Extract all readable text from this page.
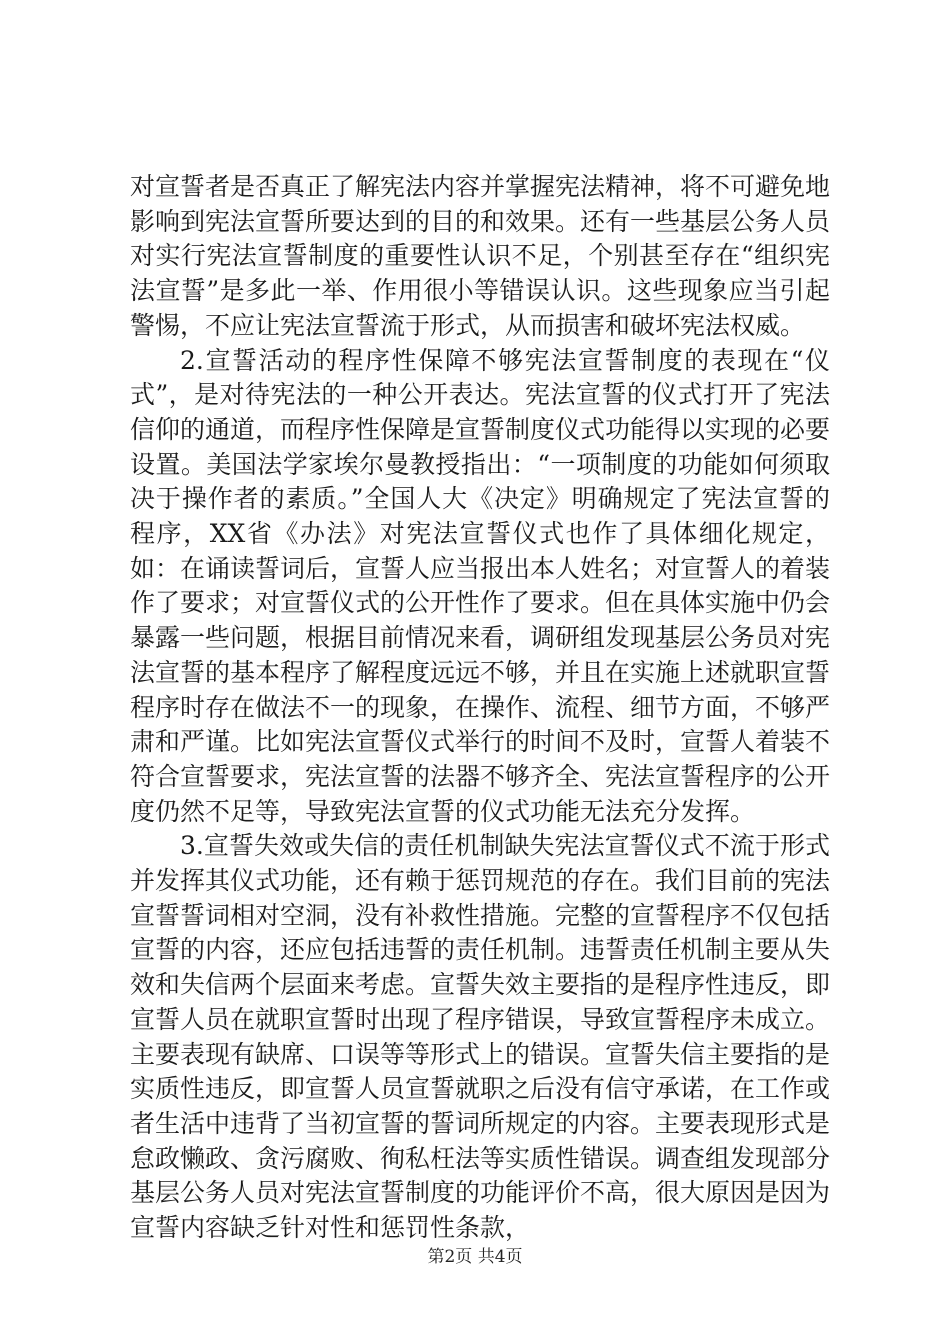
对宣誓者是否真正了解宪法内容并掌握宪法精神，将不可避免地影响到宪法宣誓所要达到的目的和效果。还有一些基层公务人员对实行宪法宣誓制度的重要性认识不足，个别甚至存在“组织宪法宣誓”是多此一举、作用很小等错误认识。这些现象应当引起警惕，不应让宪法宣誓流于形式，从而损害和破坏宪法权威。

2.宣誓活动的程序性保障不够宪法宣誓制度的表现在“仪式”，是对待宪法的一种公开表达。宪法宣誓的仪式打开了宪法信仰的通道，而程序性保障是宣誓制度仪式功能得以实现的必要设置。美国法学家埃尔曼教授指出：“一项制度的功能如何须取决于操作者的素质。”全国人大《决定》明确规定了宪法宣誓的程序，XX省《办法》对宪法宣誓仪式也作了具体细化规定，如：在诵读誓词后，宣誓人应当报出本人姓名；对宣誓人的着装作了要求；对宣誓仪式的公开性作了要求。但在具体实施中仍会暴露一些问题，根据目前情况来看，调研组发现基层公务员对宪法宣誓的基本程序了解程度远远不够，并且在实施上述就职宣誓程序时存在做法不一的现象，在操作、流程、细节方面，不够严肃和严谨。比如宪法宣誓仪式举行的时间不及时，宣誓人着装不符合宣誓要求，宪法宣誓的法器不够齐全、宪法宣誓程序的公开度仍然不足等，导致宪法宣誓的仪式功能无法充分发挥。

3.宣誓失效或失信的责任机制缺失宪法宣誓仪式不流于形式并发挥其仪式功能，还有赖于惩罚规范的存在。我们目前的宪法宣誓誓词相对空洞，没有补救性措施。完整的宣誓程序不仅包括宣誓的内容，还应包括违誓的责任机制。违誓责任机制主要从失效和失信两个层面来考虑。宣誓失效主要指的是程序性违反，即宣誓人员在就职宣誓时出现了程序错误，导致宣誓程序未成立。主要表现有缺席、口误等等形式上的错误。宣誓失信主要指的是实质性违反，即宣誓人员宣誓就职之后没有信守承诺，在工作或者生活中违背了当初宣誓的誓词所规定的内容。主要表现形式是怠政懒政、贪污腐败、徇私枉法等实质性错误。调查组发现部分基层公务人员对宪法宣誓制度的功能评价不高，很大原因是因为宣誓内容缺乏针对性和惩罚性条款，

第2页 共4页
